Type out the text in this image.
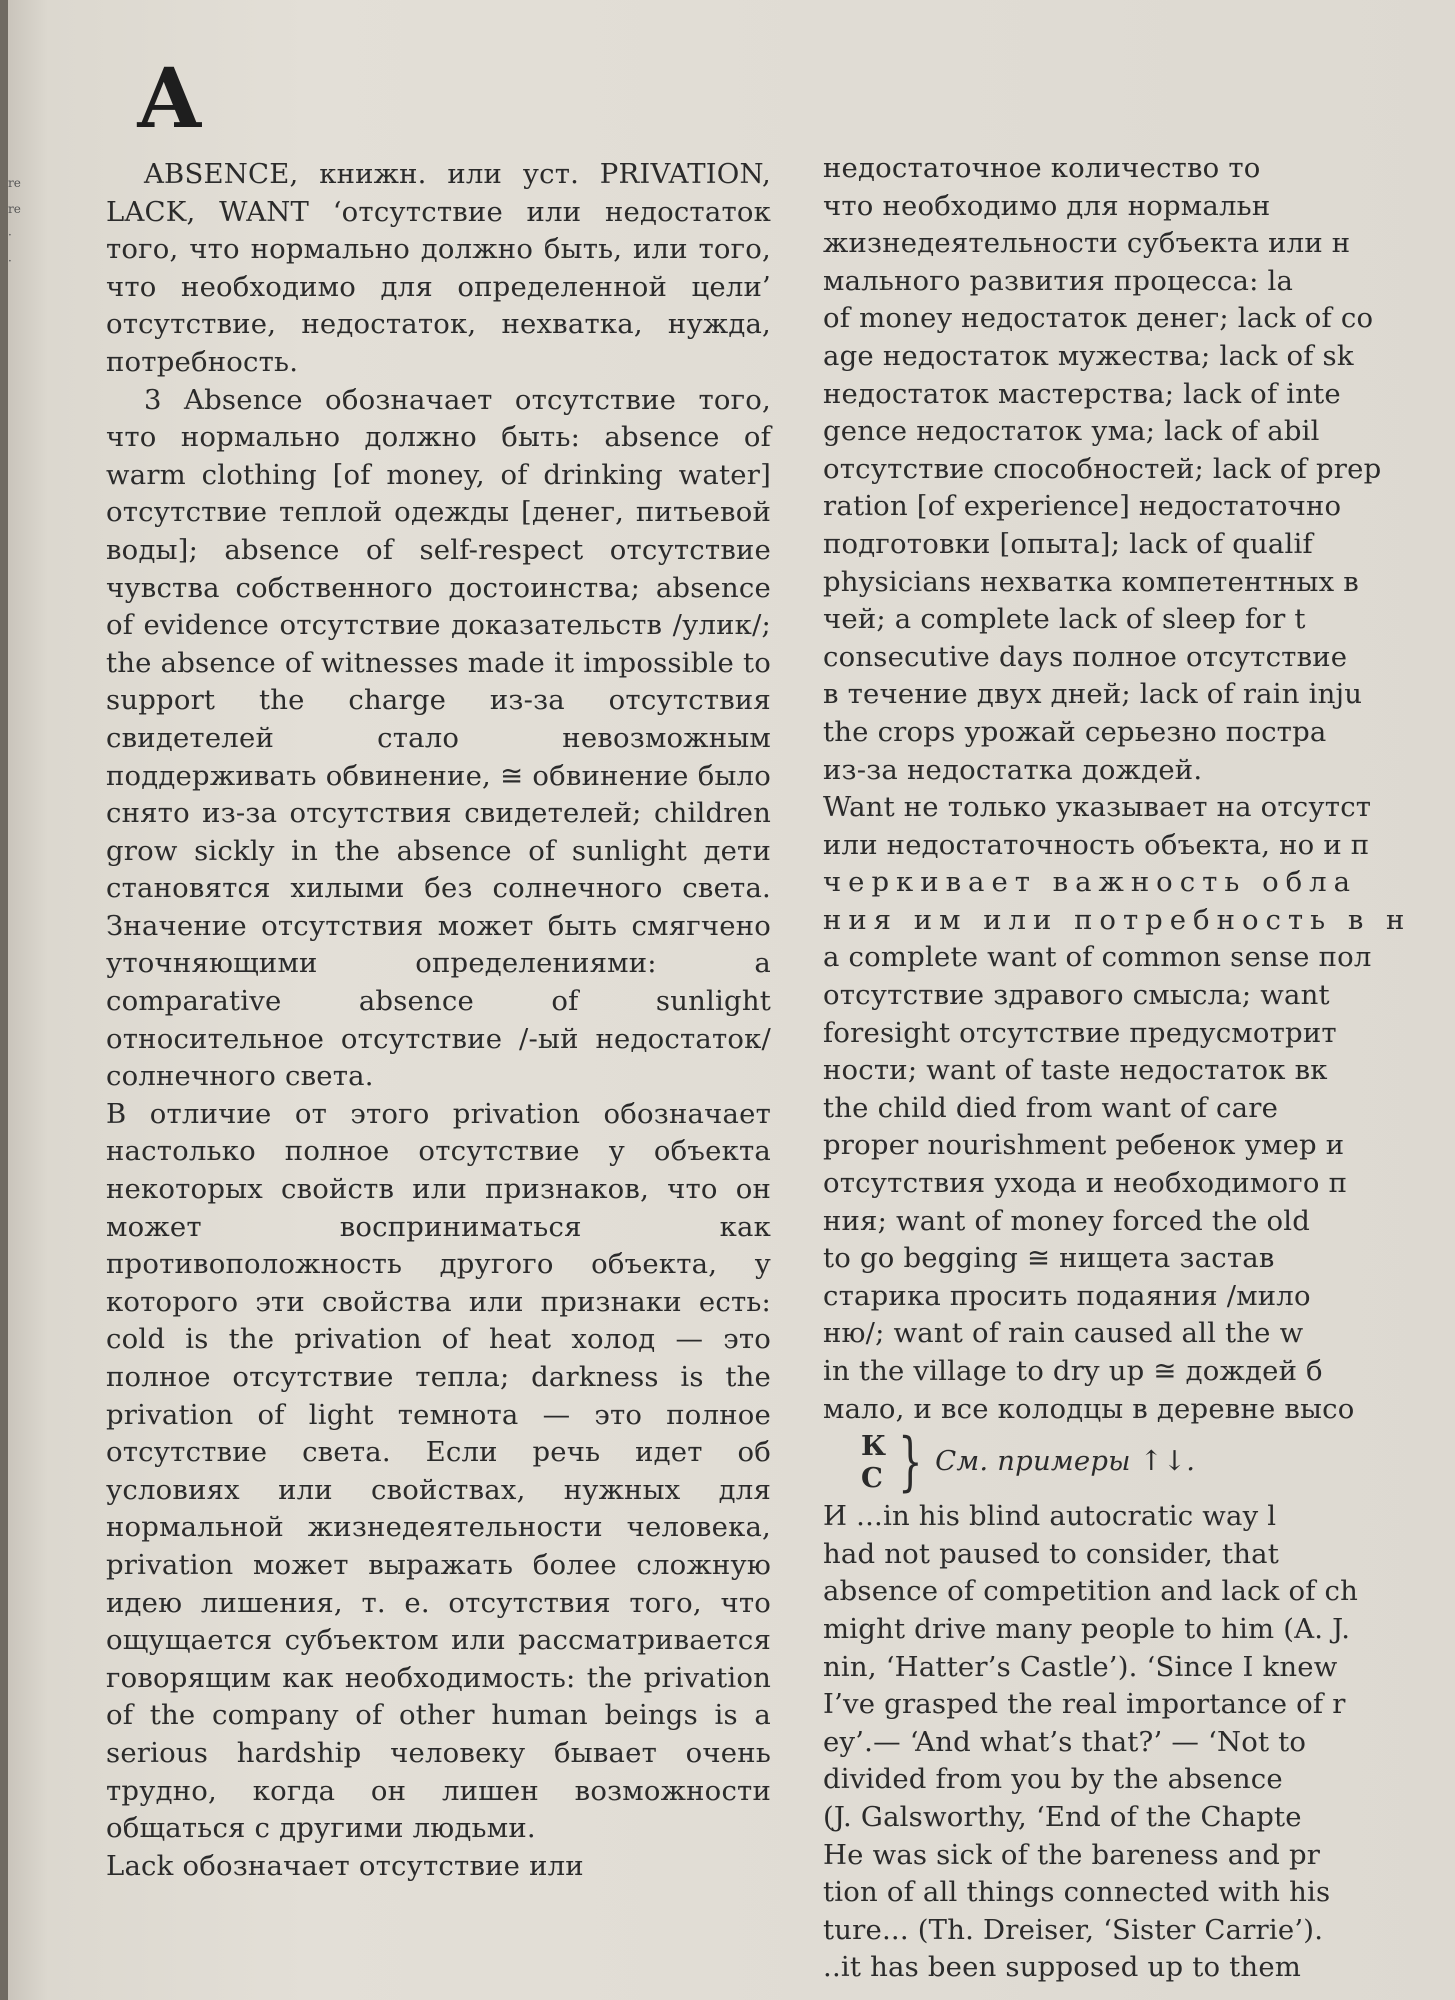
re
re
·
·
А

ABSENCE, книжн. или уст. PRIVATION, LACK, WANT ‘отсутствие или недостаток того, что нормально должно быть, или того, что необходимо для определенной цели’ отсутствие, недостаток, нехватка, нужда, потребность.

3 Absence обозначает отсутствие того, что нормально должно быть: absence of warm clothing [of money, of drinking water] отсутствие теплой одежды [денег, питьевой воды]; absence of self-respect отсутствие чувства собственного достоинства; absence of evidence отсутствие доказательств /улик/; the absence of witnesses made it impossible to support the charge из-за отсутствия свидетелей стало невозможным поддерживать обвинение, ≅ обвинение было снято из-за отсутствия свидетелей; children grow sickly in the absence of sunlight дети становятся хилыми без солнечного света. Значение отсутствия может быть смягчено уточняющими определениями: a comparative absence of sunlight относительное отсутствие /-ый недостаток/ солнечного света.

В отличие от этого privation обозначает настолько полное отсутствие у объекта некоторых свойств или признаков, что он может восприниматься как противоположность другого объекта, у которого эти свойства или признаки есть: cold is the privation of heat холод — это полное отсутствие тепла; darkness is the privation of light темнота — это полное отсутствие света. Если речь идет об условиях или свойствах, нужных для нормальной жизнедеятельности человека, privation может выражать более сложную идею лишения, т. е. отсутствия того, что ощущается субъектом или рассматривается говорящим как необходимость: the privation of the company of other human beings is a serious hardship человеку бывает очень трудно, когда он лишен возможности общаться с другими людьми.

Lack обозначает отсутствие или

недостаточное количество то
что необходимо для нормальн
жизнедеятельности субъекта или н
мального развития процесса: la
of money недостаток денег; lack of co
age недостаток мужества; lack of sk
недостаток мастерства; lack of inte
gence недостаток ума; lack of abil
отсутствие способностей; lack of prep
ration [of experience] недостаточно
подготовки [опыта]; lack of qualif
physicians нехватка компетентных в
чей; a complete lack of sleep for t
consecutive days полное отсутствие
в течение двух дней; lack of rain inju
the crops урожай серьезно постра
из-за недостатка дождей.
Want не только указывает на отсутст
или недостаточность объекта, но и п
черкивает важность обла
ния им или потребность в н
a complete want of common sense пол
отсутствие здравого смысла; want
foresight отсутствие предусмотрит
ности; want of taste недостаток вк
the child died from want of care
proper nourishment ребенок умер и
отсутствия ухода и необходимого п
ния; want of money forced the old
to go begging ≅ нищета застав
старика просить подаяния /мило
ню/; want of rain caused all the w
in the village to dry up ≅ дождей б
мало, и все колодцы в деревне высо
К
С } См. примеры ↑↓.
И ...in his blind autocratic way l
had not paused to consider, that
absence of competition and lack of ch
might drive many people to him (A. J.
nin, ‘Hatter’s Castle’). ‘Since I knew
I’ve grasped the real importance of r
ey’.— ‘And what’s that?’ — ‘Not to
divided from you by the absence
(J. Galsworthy, ‘End of the Chapte
He was sick of the bareness and pr
tion of all things connected with his
ture... (Th. Dreiser, ‘Sister Carrie’).
..it has been supposed up to them
